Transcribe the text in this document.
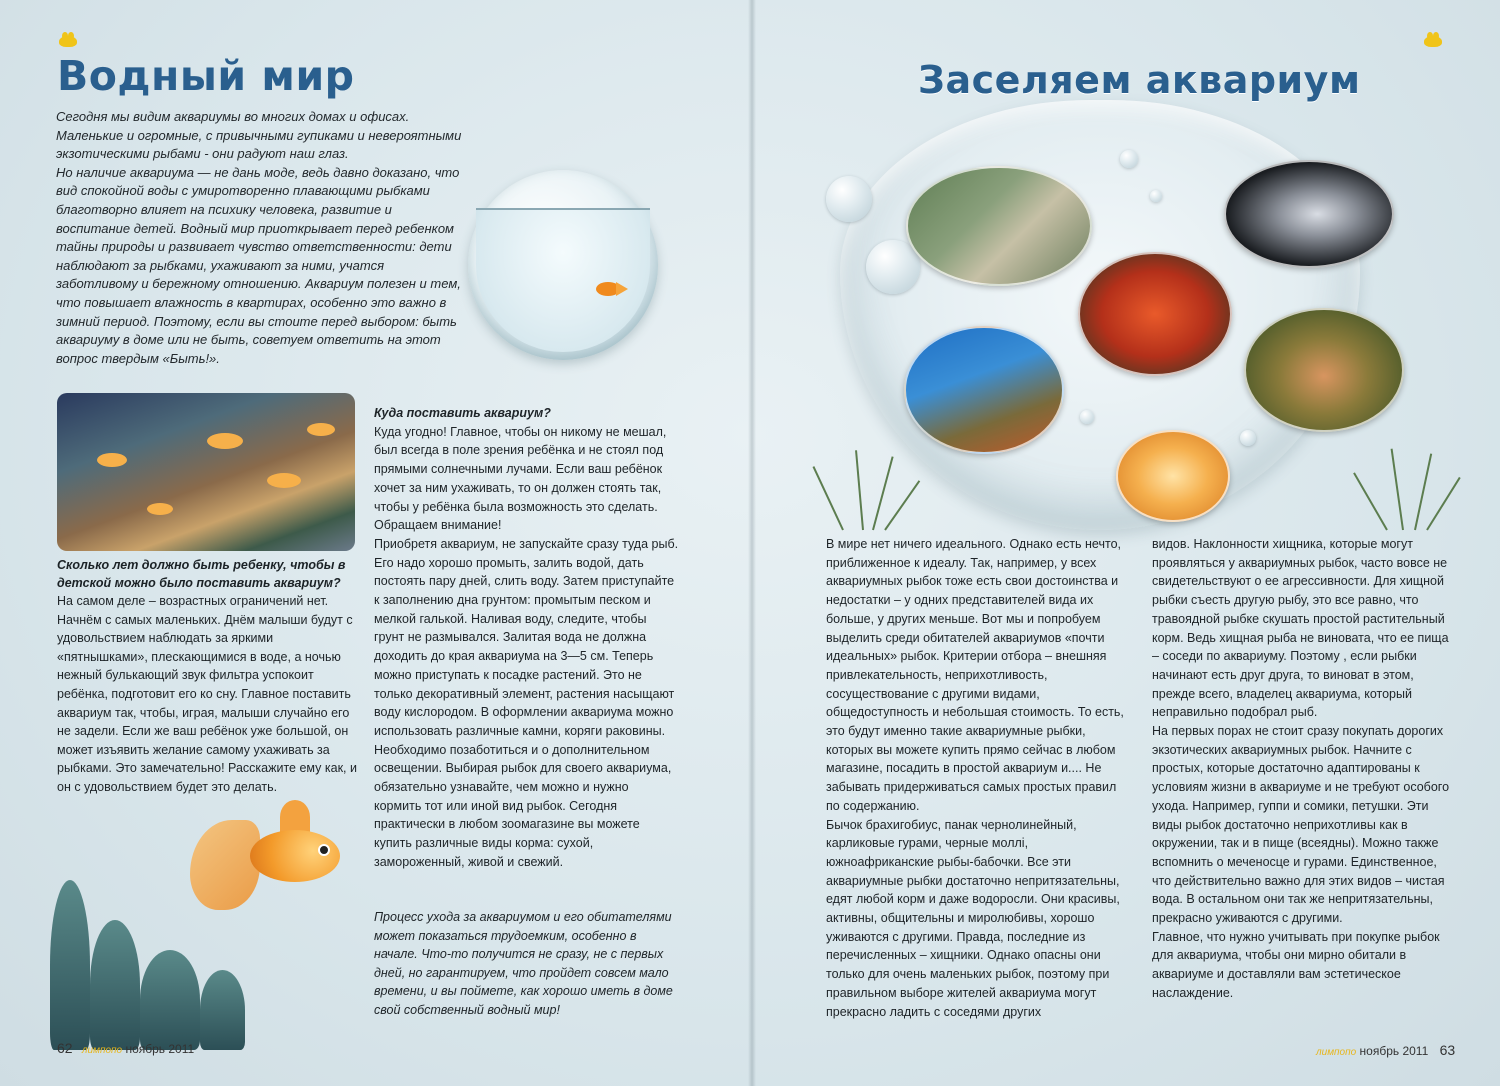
Водный мир

Сегодня мы видим аквариумы во многих домах и офисах. Маленькие и огромные, с привычными гупиками и невероятными экзотическими рыбами - они радуют наш глаз.

Но наличие аквариума — не дань моде, ведь давно доказано, что вид спокойной воды с умиротворенно плавающими рыбками благотворно влияет на психику человека, развитие и воспитание детей. Водный мир приоткрывает перед ребенком тайны природы и развивает чувство ответственности: дети наблюдают за рыбками, ухаживают за ними, учатся заботливому и бережному отношению. Аквариум полезен и тем, что повышает влажность в квартирах, особенно это важно в зимний период. Поэтому, если вы стоите перед выбором: быть аквариуму в доме или не быть, советуем ответить на этот вопрос твердым «Быть!».

Сколько лет должно быть ребенку, чтобы в детской можно было поставить аквариум?
На самом деле – возрастных ограничений нет. Начнём с самых маленьких. Днём малыши будут с удовольствием наблюдать за яркими «пятнышками», плескающимися в воде, а ночью нежный булькающий звук фильтра успокоит ребёнка, подготовит его ко сну. Главное поставить аквариум так, чтобы, играя, малыши случайно его не задели. Если же ваш ребёнок уже большой, он может изъявить желание самому ухаживать за рыбками. Это замечательно! Расскажите ему как, и он с удовольствием будет это делать.

Куда поставить аквариум?

Куда угодно! Главное, чтобы он никому не мешал, был всегда в поле зрения ребёнка и не стоял под прямыми солнечными лучами. Если ваш ребёнок хочет за ним ухаживать, то он должен стоять так, чтобы у ребёнка была возможность это сделать.

Обращаем внимание!

Приобретя аквариум, не запускайте сразу туда рыб. Его надо хорошо промыть, залить водой, дать постоять пару дней, слить воду. Затем приступайте к заполнению дна грунтом: промытым песком и мелкой галькой. Наливая воду, следите, чтобы грунт не размывался. Залитая вода не должна доходить до края аквариума на 3—5 см. Теперь можно приступать к посадке растений. Это не только декоративный элемент, растения насыщают воду кислородом. В оформлении аквариума можно использовать различные камни, коряги раковины. Необходимо позаботиться и о дополнительном освещении. Выбирая рыбок для своего аквариума, обязательно узнавайте, чем можно и нужно кормить тот или иной вид рыбок. Сегодня практически в любом зоомагазине вы можете купить различные виды корма: сухой, замороженный, живой и свежий.

Процесс ухода за аквариумом и его обитателями может показаться трудоемким, особенно в начале. Что-то получится не сразу, не с первых дней, но гарантируем, что пройдет совсем мало времени, и вы поймете, как хорошо иметь в доме свой собственный водный мир!
62 лимпопо ноябрь 2011
Заселяем аквариум

В мире нет ничего идеального. Однако есть нечто, приближенное к идеалу. Так, например, у всех аквариумных рыбок тоже есть свои достоинства и недостатки – у одних представителей вида их больше, у других меньше. Вот мы и попробуем выделить среди обитателей аквариумов «почти идеальных» рыбок. Критерии отбора – внешняя привлекательность, неприхотливость, сосуществование с другими видами, общедоступность и небольшая стоимость. То есть, это будут именно такие аквариумные рыбки, которых вы можете купить прямо сейчас в любом магазине, посадить в простой аквариум и.... Не забывать придерживаться самых простых правил по содержанию.

Бычок брахигобиус, панак чернолинейный, карликовые гурами, черные моллі, южноафриканские рыбы-бабочки. Все эти аквариумные рыбки достаточно непритязательны, едят любой корм и даже водоросли. Они красивы, активны, общительны и миролюбивы, хорошо уживаются с другими. Правда, последние из перечисленных – хищники. Однако опасны они только для очень маленьких рыбок, поэтому при правильном выборе жителей аквариума могут прекрасно ладить с соседями других

видов. Наклонности хищника, которые могут проявляться у аквариумных рыбок, часто вовсе не свидетельствуют о ее агрессивности. Для хищной рыбки съесть другую рыбу, это все равно, что травоядной рыбке скушать простой растительный корм. Ведь хищная рыба не виновата, что ее пища – соседи по аквариуму. Поэтому , если рыбки начинают есть друг друга, то виноват в этом, прежде всего, владелец аквариума, который неправильно подобрал рыб.

На первых порах не стоит сразу покупать дорогих экзотических аквариумных рыбок. Начните с простых, которые достаточно адаптированы к условиям жизни в аквариуме и не требуют особого ухода. Например, гуппи и сомики, петушки. Эти виды рыбок достаточно неприхотливы как в окружении, так и в пище (всеядны). Можно также вспомнить о меченосце и гурами. Единственное, что действительно важно для этих видов – чистая вода. В остальном они так же непритязательны, прекрасно уживаются с другими.

Главное, что нужно учитывать при покупке рыбок для аквариума, чтобы они мирно обитали в аквариуме и доставляли вам эстетическое наслаждение.

лимпопо ноябрь 2011 63
